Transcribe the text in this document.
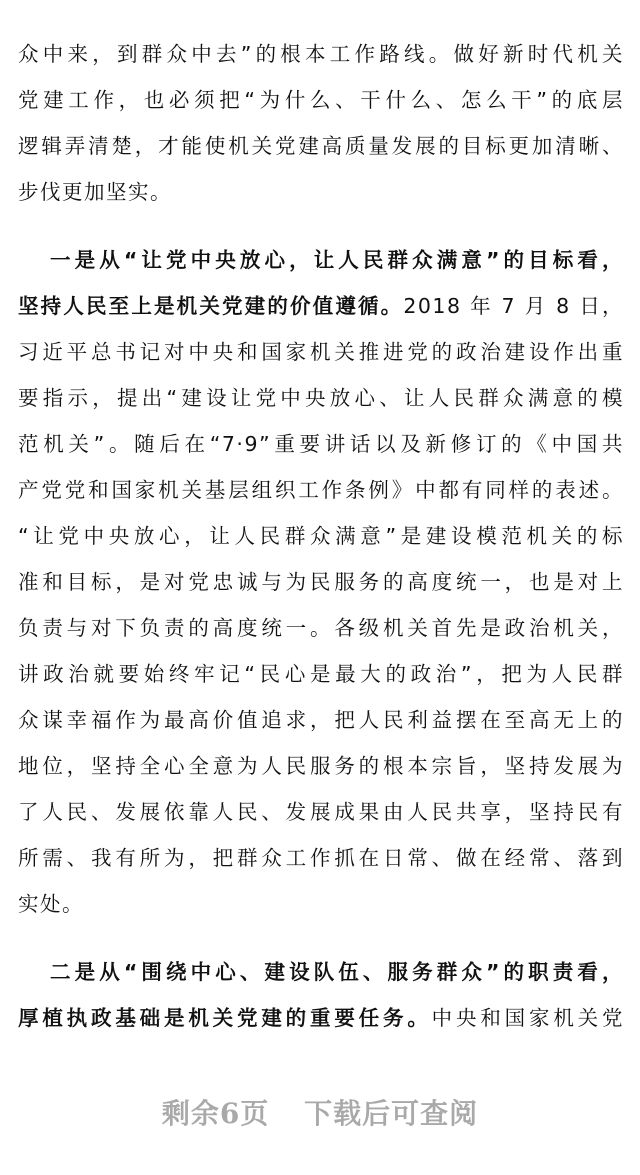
众中来，到群众中去”的根本工作路线。做好新时代机关
党建工作，也必须把“为什么、干什么、怎么干”的底层
逻辑弄清楚，才能使机关党建高质量发展的目标更加清晰、
步伐更加坚实。
一是从“让党中央放心，让人民群众满意”的目标看，
坚持人民至上是机关党建的价值遵循。2018 年 7 月 8 日，
习近平总书记对中央和国家机关推进党的政治建设作出重
要指示，提出“建设让党中央放心、让人民群众满意的模
范机关”。随后在“7·9”重要讲话以及新修订的《中国共
产党党和国家机关基层组织工作条例》中都有同样的表述。
“让党中央放心，让人民群众满意”是建设模范机关的标
准和目标，是对党忠诚与为民服务的高度统一，也是对上
负责与对下负责的高度统一。各级机关首先是政治机关，
讲政治就要始终牢记“民心是最大的政治”，把为人民群
众谋幸福作为最高价值追求，把人民利益摆在至高无上的
地位，坚持全心全意为人民服务的根本宗旨，坚持发展为
了人民、发展依靠人民、发展成果由人民共享，坚持民有
所需、我有所为，把群众工作抓在日常、做在经常、落到
实处。
二是从“围绕中心、建设队伍、服务群众”的职责看，
厚植执政基础是机关党建的重要任务。中央和国家机关党
剩余6页 下载后可查阅
